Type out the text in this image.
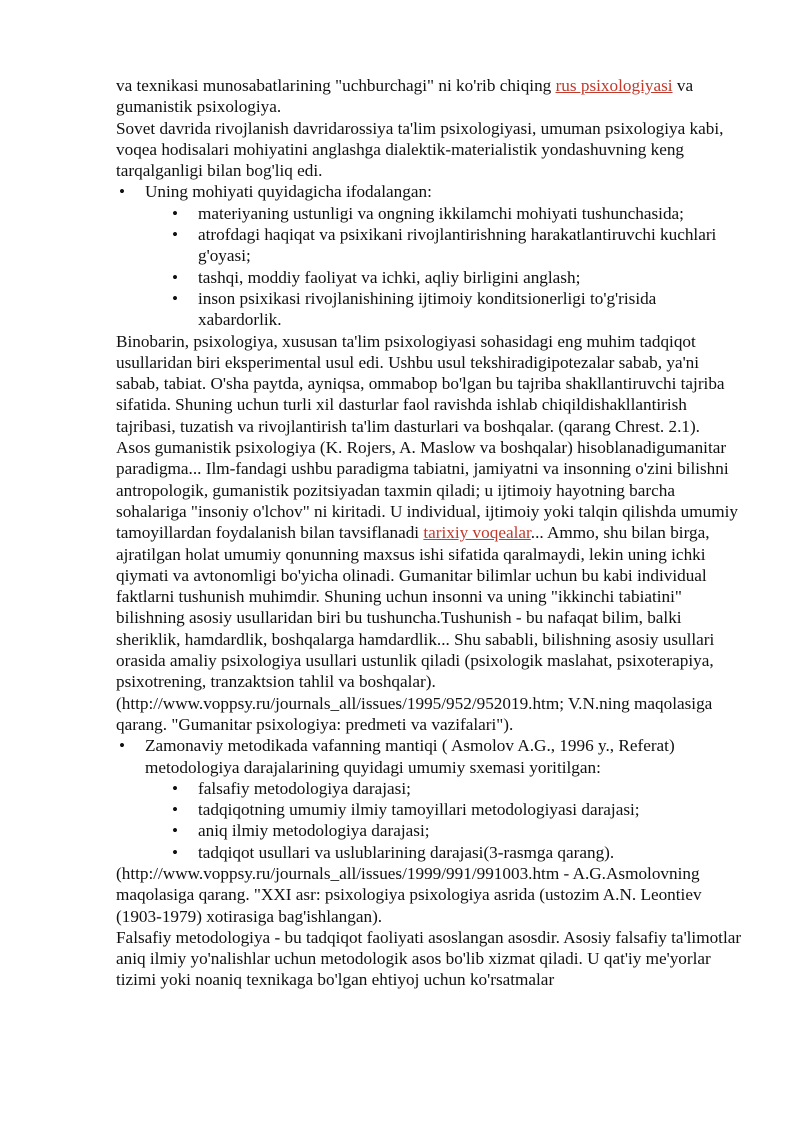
va texnikasi munosabatlarining "uchburchagi" ni ko'rib chiqing rus psixologiyasi va gumanistik psixologiya.

Sovet davrida rivojlanish davridarossiya ta'lim psixologiyasi, umuman psixologiya kabi, voqea hodisalari mohiyatini anglashga dialektik-materialistik yondashuvning keng tarqalganligi bilan bog'liq edi.

• Uning mohiyati quyidagicha ifodalangan:
• materiyaning ustunligi va ongning ikkilamchi mohiyati tushunchasida;
• atrofdagi haqiqat va psixikani rivojlantirishning harakatlantiruvchi kuchlari g'oyasi;
• tashqi, moddiy faoliyat va ichki, aqliy birligini anglash;
• inson psixikasi rivojlanishining ijtimoiy konditsionerligi to'g'risida xabardorlik.

Binobarin, psixologiya, xususan ta'lim psixologiyasi sohasidagi eng muhim tadqiqot usullaridan biri eksperimental usul edi. Ushbu usul tekshiradigipotezalar sabab, ya'ni sabab, tabiat. O'sha paytda, ayniqsa, ommabop bo'lgan bu tajriba shakllantiruvchi tajriba sifatida. Shuning uchun turli xil dasturlar faol ravishda ishlab chiqildishakllantirish tajribasi, tuzatish va rivojlantirish ta'lim dasturlari va boshqalar. (qarang Chrest. 2.1).

Asos gumanistik psixologiya (K. Rojers, A. Maslow va boshqalar) hisoblanadigumanitar paradigma... Ilm-fandagi ushbu paradigma tabiatni, jamiyatni va insonning o'zini bilishni antropologik, gumanistik pozitsiyadan taxmin qiladi; u ijtimoiy hayotning barcha sohalariga "insoniy o'lchov" ni kiritadi. U individual, ijtimoiy yoki talqin qilishda umumiy tamoyillardan foydalanish bilan tavsiflanadi tarixiy voqealar... Ammo, shu bilan birga, ajratilgan holat umumiy qonunning maxsus ishi sifatida qaralmaydi, lekin uning ichki qiymati va avtonomligi bo'yicha olinadi. Gumanitar bilimlar uchun bu kabi individual faktlarni tushunish muhimdir. Shuning uchun insonni va uning "ikkinchi tabiatini" bilishning asosiy usullaridan biri bu tushuncha.Tushunish - bu nafaqat bilim, balki sheriklik, hamdardlik, boshqalarga hamdardlik... Shu sababli, bilishning asosiy usullari orasida amaliy psixologiya usullari ustunlik qiladi (psixologik maslahat, psixoterapiya, psixotrening, tranzaktsion tahlil va boshqalar). (http://www.voppsy.ru/journals_all/issues/1995/952/952019.htm; V.N.ning maqolasiga qarang. "Gumanitar psixologiya: predmeti va vazifalari").

• Zamonaviy metodikada vafanning mantiqi ( Asmolov A.G., 1996 y., Referat) metodologiya darajalarining quyidagi umumiy sxemasi yoritilgan:
• falsafiy metodologiya darajasi;
• tadqiqotning umumiy ilmiy tamoyillari metodologiyasi darajasi;
• aniq ilmiy metodologiya darajasi;
• tadqiqot usullari va uslublarining darajasi(3-rasmga qarang).

(http://www.voppsy.ru/journals_all/issues/1999/991/991003.htm - A.G.Asmolovning maqolasiga qarang. "XXI asr: psixologiya psixologiya asrida (ustozim A.N. Leontiev (1903-1979) xotirasiga bag'ishlangan).

Falsafiy metodologiya - bu tadqiqot faoliyati asoslangan asosdir. Asosiy falsafiy ta'limotlar aniq ilmiy yo'nalishlar uchun metodologik asos bo'lib xizmat qiladi. U qat'iy me'yorlar tizimi yoki noaniq texnikaga bo'lgan ehtiyoj uchun ko'rsatmalar
